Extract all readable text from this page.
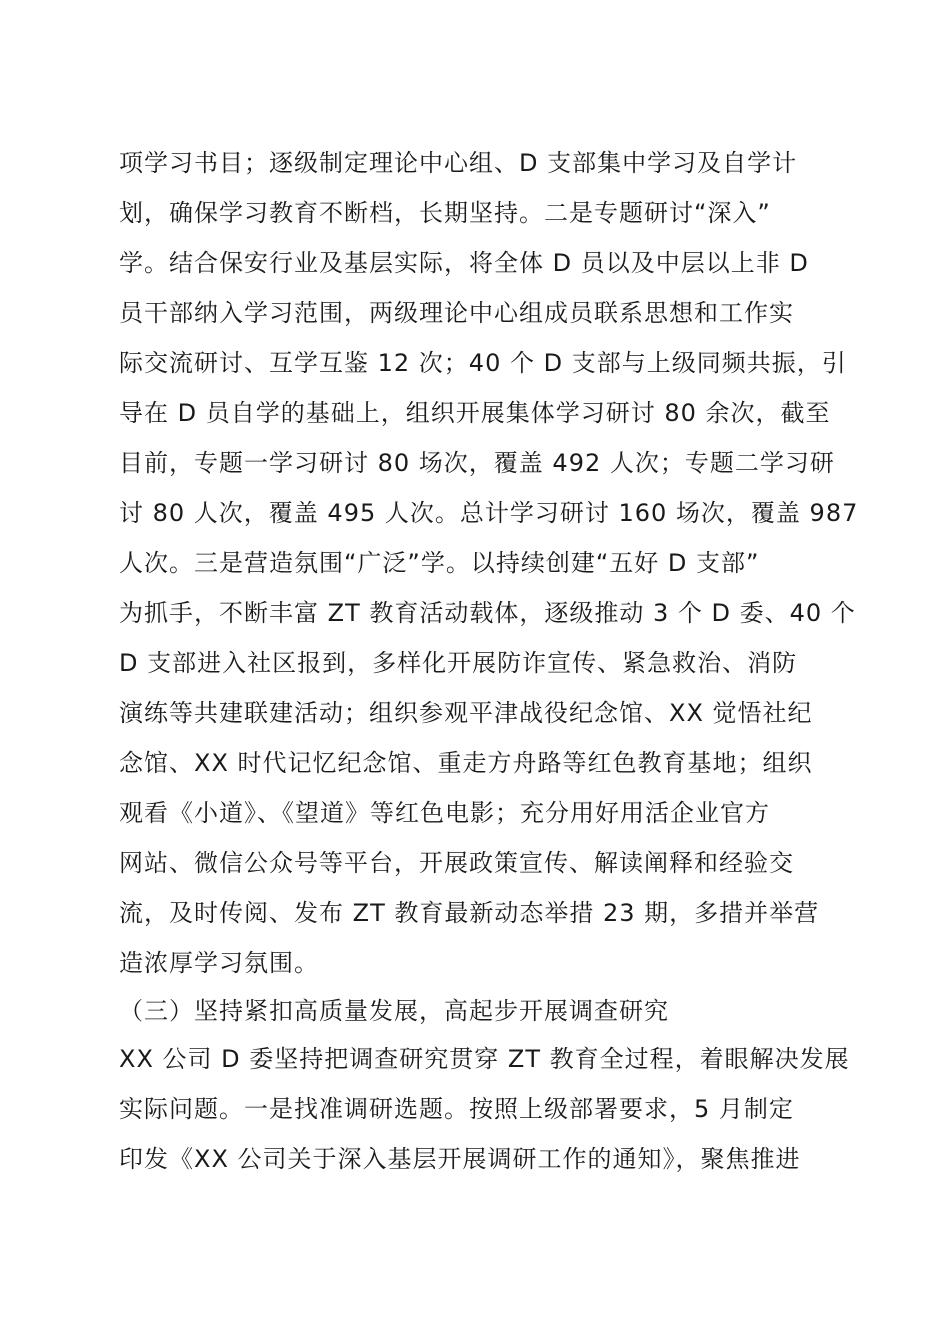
项学习书目；逐级制定理论中心组、D 支部集中学习及自学计
划，确保学习教育不断档，长期坚持。二是专题研讨“深入”
学。结合保安行业及基层实际，将全体 D 员以及中层以上非 D
员干部纳入学习范围，两级理论中心组成员联系思想和工作实
际交流研讨、互学互鉴 12 次；40 个 D 支部与上级同频共振，引
导在 D 员自学的基础上，组织开展集体学习研讨 80 余次，截至
目前，专题一学习研讨 80 场次，覆盖 492 人次；专题二学习研
讨 80 人次，覆盖 495 人次。总计学习研讨 160 场次，覆盖 987
人次。三是营造氛围“广泛”学。以持续创建“五好 D 支部”
为抓手，不断丰富 ZT 教育活动载体，逐级推动 3 个 D 委、40 个
D 支部进入社区报到，多样化开展防诈宣传、紧急救治、消防
演练等共建联建活动；组织参观平津战役纪念馆、XX 觉悟社纪
念馆、XX 时代记忆纪念馆、重走方舟路等红色教育基地；组织
观看《小道》、《望道》等红色电影；充分用好用活企业官方
网站、微信公众号等平台，开展政策宣传、解读阐释和经验交
流，及时传阅、发布 ZT 教育最新动态举措 23 期，多措并举营
造浓厚学习氛围。
（三）坚持紧扣高质量发展，高起步开展调查研究
XX 公司 D 委坚持把调查研究贯穿 ZT 教育全过程，着眼解决发展
实际问题。一是找准调研选题。按照上级部署要求，5 月制定
印发《XX 公司关于深入基层开展调研工作的通知》，聚焦推进
